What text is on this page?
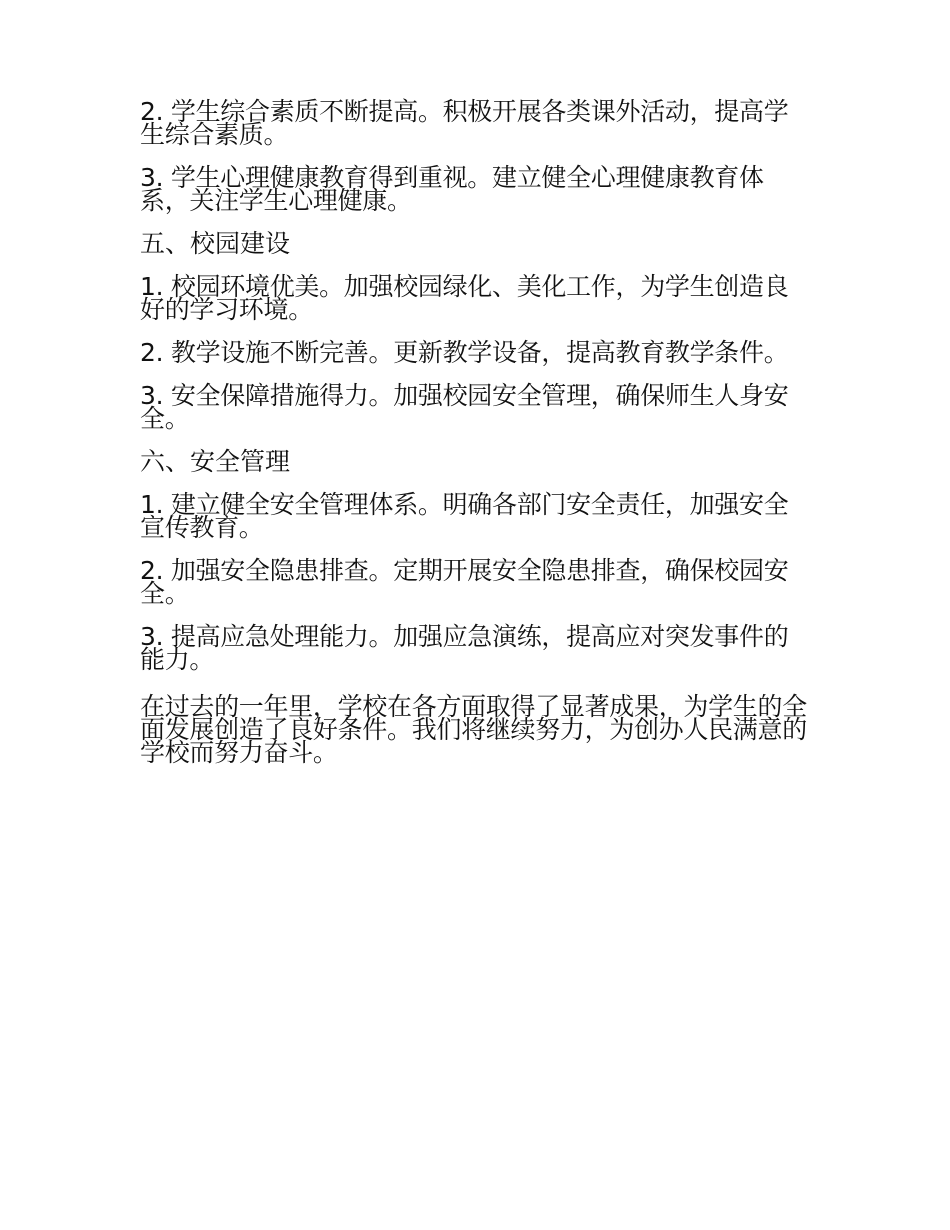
2. 学生综合素质不断提高。积极开展各类课外活动，提高学生综合素质。

3. 学生心理健康教育得到重视。建立健全心理健康教育体系，关注学生心理健康。

五、校园建设

1. 校园环境优美。加强校园绿化、美化工作，为学生创造良好的学习环境。

2. 教学设施不断完善。更新教学设备，提高教育教学条件。

3. 安全保障措施得力。加强校园安全管理，确保师生人身安全。

六、安全管理

1. 建立健全安全管理体系。明确各部门安全责任，加强安全宣传教育。

2. 加强安全隐患排查。定期开展安全隐患排查，确保校园安全。

3. 提高应急处理能力。加强应急演练，提高应对突发事件的能力。

在过去的一年里，学校在各方面取得了显著成果，为学生的全面发展创造了良好条件。我们将继续努力，为创办人民满意的学校而努力奋斗。
